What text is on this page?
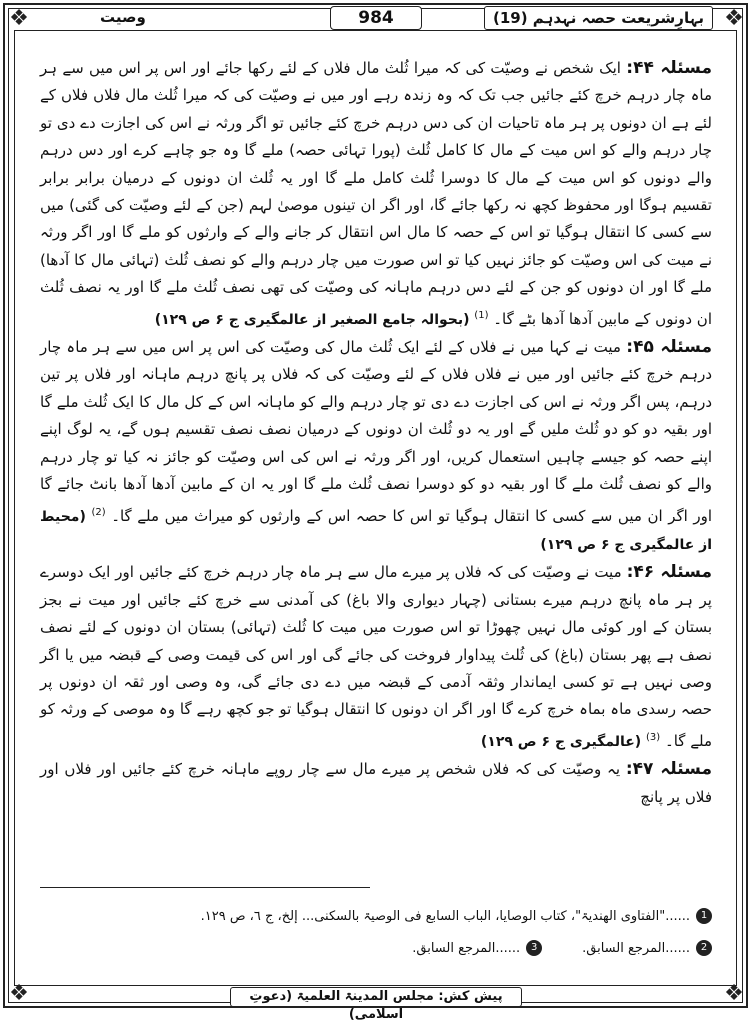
❖	❖
❖	❖
بہارِشریعت حصہ نہدہم (19)
984
وصیت

مسئلہ ۴۴: ایک شخص نے وصیّت کی کہ میرا ثُلث مال فلاں کے لئے رکھا جائے اور اس پر اس میں سے ہر ماہ چار درہم خرچ کئے جائیں جب تک کہ وہ زندہ رہے اور میں نے وصیّت کی کہ میرا ثُلث مال فلاں فلاں کے لئے ہے ان دونوں پر ہر ماہ تاحیات ان کی دس درہم خرچ کئے جائیں تو اگر ورثہ نے اس کی اجازت دے دی تو چار درہم والے کو اس میت کے مال کا کامل ثُلث (پورا تہائی حصہ) ملے گا وہ جو چاہے کرے اور دس درہم والے دونوں کو اس میت کے مال کا دوسرا ثُلث کامل ملے گا اور یہ ثُلث ان دونوں کے درمیان برابر برابر تقسیم ہوگا اور محفوظ کچھ نہ رکھا جائے گا، اور اگر ان تینوں موصیٰ لہم (جن کے لئے وصیّت کی گئی) میں سے کسی کا انتقال ہوگیا تو اس کے حصہ کا مال اس انتقال کر جانے والے کے وارثوں کو ملے گا اور اگر ورثہ نے میت کی اس وصیّت کو جائز نہیں کیا تو اس صورت میں چار درہم والے کو نصف ثُلث (تہائی مال کا آدھا) ملے گا اور ان دونوں کو جن کے لئے دس درہم ماہانہ کی وصیّت کی تھی نصف ثُلث ملے گا اور یہ نصف ثُلث ان دونوں کے مابین آدھا آدھا بٹے گا۔ $^{(1)}$ (بحوالہ جامع الصغیر از عالمگیری ج ۶ ص ۱۲۹)

مسئلہ ۴۵: میت نے کہا میں نے فلاں کے لئے ایک ثُلث مال کی وصیّت کی اس پر اس میں سے ہر ماہ چار درہم خرچ کئے جائیں اور میں نے فلاں فلاں کے لئے وصیّت کی کہ فلاں پر پانچ درہم ماہانہ اور فلاں پر تین درہم، پس اگر ورثہ نے اس کی اجازت دے دی تو چار درہم والے کو ماہانہ اس کے کل مال کا ایک ثُلث ملے گا اور بقیہ دو کو دو ثُلث ملیں گے اور یہ دو ثُلث ان دونوں کے درمیان نصف نصف تقسیم ہوں گے، یہ لوگ اپنے اپنے حصہ کو جیسے چاہیں استعمال کریں، اور اگر ورثہ نے اس کی اس وصیّت کو جائز نہ کیا تو چار درہم والے کو نصف ثُلث ملے گا اور بقیہ دو کو دوسرا نصف ثُلث ملے گا اور یہ ان کے مابین آدھا آدھا بانٹ جائے گا اور اگر ان میں سے کسی کا انتقال ہوگیا تو اس کا حصہ اس کے وارثوں کو میراث میں ملے گا۔ $^{(2)}$ (محیط از عالمگیری ج ۶ ص ۱۲۹)

مسئلہ ۴۶: میت نے وصیّت کی کہ فلاں پر میرے مال سے ہر ماہ چار درہم خرچ کئے جائیں اور ایک دوسرے پر ہر ماہ پانچ درہم میرے بستانی (چہار دیواری والا باغ) کی آمدنی سے خرچ کئے جائیں اور میت نے بجز بستان کے اور کوئی مال نہیں چھوڑا تو اس صورت میں میت کا ثُلث (تہائی) بستان ان دونوں کے لئے نصف نصف ہے پھر بستان (باغ) کی ثُلث پیداوار فروخت کی جائے گی اور اس کی قیمت وصی کے قبضہ میں یا اگر وصی نہیں ہے تو کسی ایماندار وثقہ آدمی کے قبضہ میں دے دی جائے گی، وہ وصی اور ثقہ ان دونوں پر حصہ رسدی ماہ بماہ خرچ کرے گا اور اگر ان دونوں کا انتقال ہوگیا تو جو کچھ رہے گا وہ موصی کے ورثہ کو ملے گا۔ $^{(3)}$ (عالمگیری ج ۶ ص ۱۲۹)

مسئلہ ۴۷: یہ وصیّت کی کہ فلاں شخص پر میرے مال سے چار روپے ماہانہ خرچ کئے جائیں اور فلاں اور فلاں پر پانچ

1
......"الفتاوی الھندیۃ"، کتاب الوصایا، الباب السابع فی الوصیۃ بالسکنی... إلخ، ج ٦، ص ١٢٩.
2
......المرجع السابق.
3
......المرجع السابق.
پیش کش: مجلس المدینۃ العلمیۃ (دعوتِ اسلامی)
